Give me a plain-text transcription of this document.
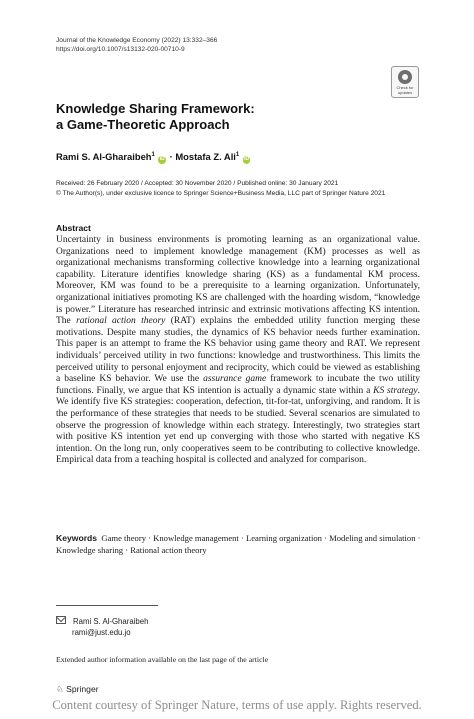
Journal of the Knowledge Economy (2022) 13:332–366
https://doi.org/10.1007/s13132-020-00710-9
Check for
updates
Knowledge Sharing Framework:
a Game-Theoretic Approach
Rami S. Al-Gharaibeh$^1$ iD · Mostafa Z. Ali$^1$ iD
Received: 26 February 2020 / Accepted: 30 November 2020 / Published online: 30 January 2021
© The Author(s), under exclusive licence to Springer Science+Business Media, LLC part of Springer Nature 2021
Abstract
Uncertainty in business environments is promoting learning as an organizational value. Organizations need to implement knowledge management (KM) processes as well as organizational mechanisms transforming collective knowledge into a learning organizational capability. Literature identifies knowledge sharing (KS) as a fundamental KM process. Moreover, KM was found to be a prerequisite to a learning organization. Unfortunately, organizational initiatives promoting KS are challenged with the hoarding wisdom, “knowledge is power.” Literature has researched intrinsic and extrinsic motivations affecting KS intention. The rational action theory (RAT) explains the embedded utility function merging these motivations. Despite many studies, the dynamics of KS behavior needs further examination. This paper is an attempt to frame the KS behavior using game theory and RAT. We represent individuals’ perceived utility in two functions: knowledge and trustworthiness. This limits the perceived utility to personal enjoyment and reciprocity, which could be viewed as establishing a baseline KS behavior. We use the assurance game framework to incubate the two utility functions. Finally, we argue that KS intention is actually a dynamic state within a KS strategy. We identify five KS strategies: cooperation, defection, tit-for-tat, unforgiving, and random. It is the performance of these strategies that needs to be studied. Several scenarios are simulated to observe the progression of knowledge within each strategy. Interestingly, two strategies start with positive KS intention yet end up converging with those who started with negative KS intention. On the long run, only cooperatives seem to be contributing to collective knowledge. Empirical data from a teaching hospital is collected and analyzed for comparison.
Keywords Game theory · Knowledge management · Learning organization · Modeling and simulation · Knowledge sharing · Rational action theory
Rami S. Al-Gharaibeh
rami@just.edu.jo
Extended author information available on the last page of the article
♘ Springer
Content courtesy of Springer Nature, terms of use apply. Rights reserved.
